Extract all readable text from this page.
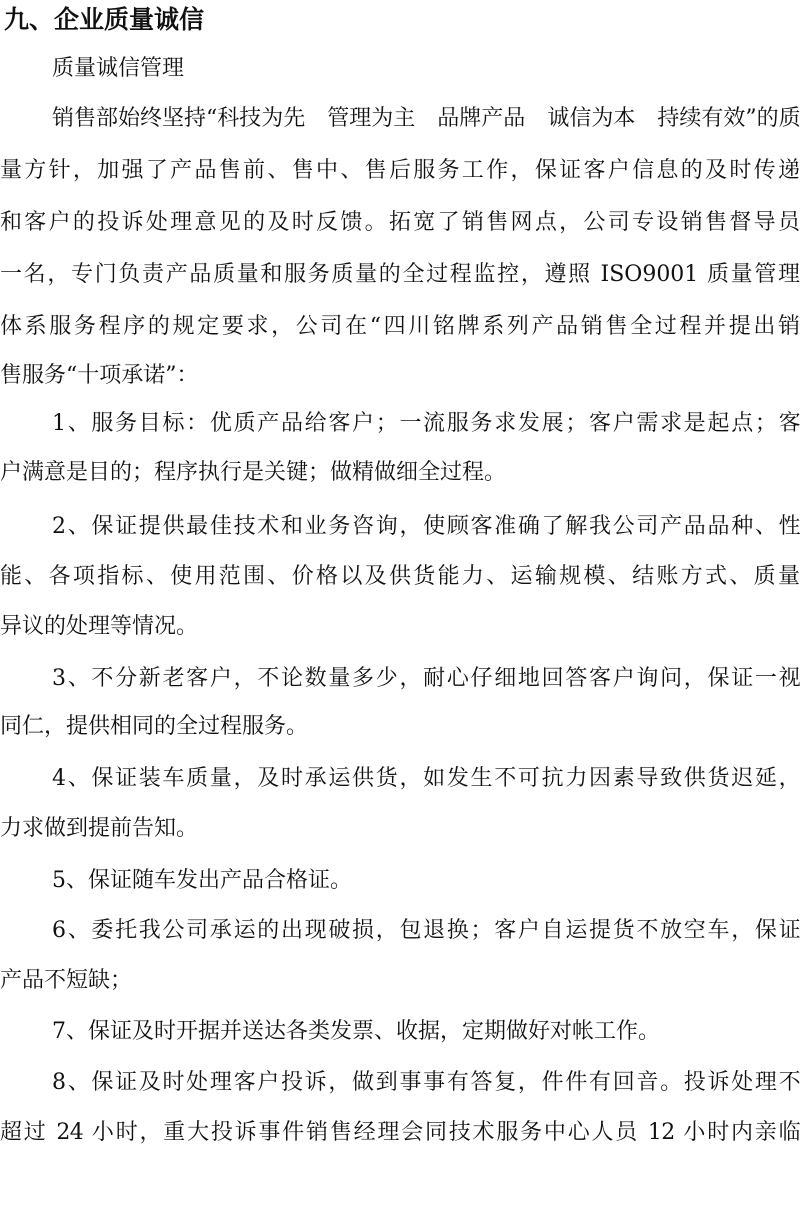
九、企业质量诚信
质量诚信管理
销售部始终坚持“科技为先　管理为主　品牌产品　诚信为本　持续有效”的质
量方针，加强了产品售前、售中、售后服务工作，保证客户信息的及时传递
和客户的投诉处理意见的及时反馈。拓宽了销售网点，公司专设销售督导员
一名，专门负责产品质量和服务质量的全过程监控，遵照 ISO9001 质量管理
体系服务程序的规定要求，公司在“四川铭牌系列产品销售全过程并提出销
售服务“十项承诺”：
1、服务目标：优质产品给客户；一流服务求发展；客户需求是起点；客
户满意是目的；程序执行是关键；做精做细全过程。
2、保证提供最佳技术和业务咨询，使顾客准确了解我公司产品品种、性
能、各项指标、使用范围、价格以及供货能力、运输规模、结账方式、质量
异议的处理等情况。
3、不分新老客户，不论数量多少，耐心仔细地回答客户询问，保证一视
同仁，提供相同的全过程服务。
4、保证装车质量，及时承运供货，如发生不可抗力因素导致供货迟延，
力求做到提前告知。
5、保证随车发出产品合格证。
6、委托我公司承运的出现破损，包退换；客户自运提货不放空车，保证
产品不短缺；
7、保证及时开据并送达各类发票、收据，定期做好对帐工作。
8、保证及时处理客户投诉，做到事事有答复，件件有回音。投诉处理不
超过 24 小时，重大投诉事件销售经理会同技术服务中心人员 12 小时内亲临
